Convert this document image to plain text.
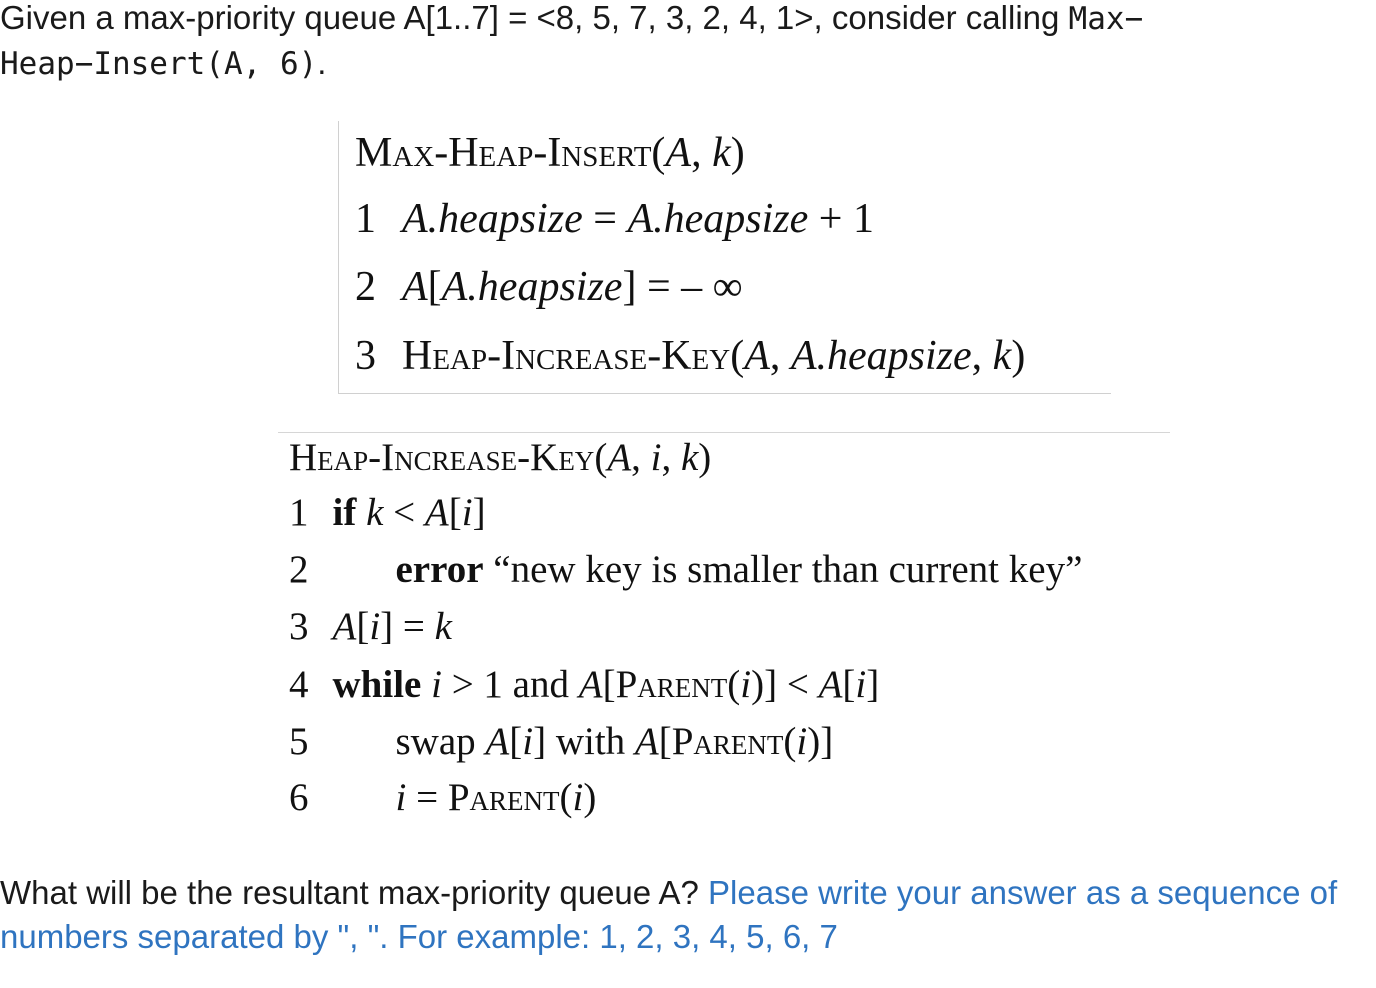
Given a max-priority queue A[1..7] = <8, 5, 7, 3, 2, 4, 1>, consider calling Max−
Heap−Insert(A, 6).
Max-Heap-Insert(A, k)
1 A.heapsize = A.heapsize + 1
2 A[A.heapsize] = – ∞
3 Heap-Increase-Key(A, A.heapsize, k)
Heap-Increase-Key(A, i, k)
1 if k < A[i]
2 error “new key is smaller than current key”
3 A[i] = k
4 while i > 1 and A[Parent(i)] < A[i]
5 swap A[i] with A[Parent(i)]
6 i = Parent(i)
What will be the resultant max-priority queue A? Please write your answer as a sequence of numbers separated by ", ". For example: 1, 2, 3, 4, 5, 6, 7
